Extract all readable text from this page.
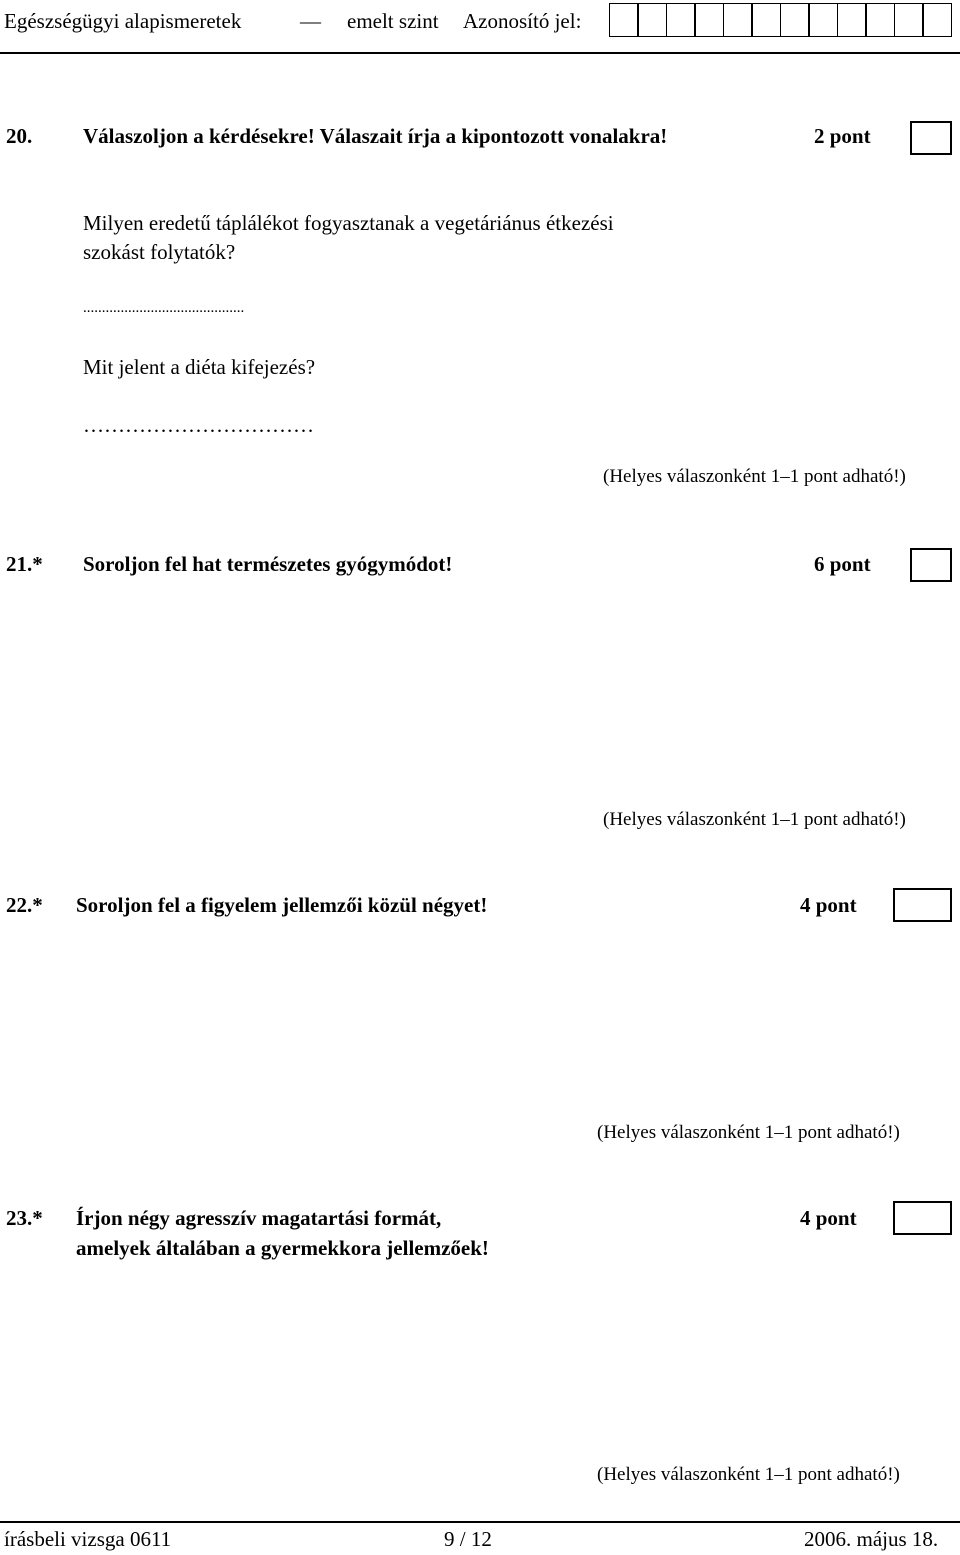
Egészségügyi alapismeretek	— emelt szint Azonosító jel:
20. Válaszoljon a kérdésekre! Válaszait írja a kipontozott vonalakra!	2 pont
Milyen eredetű táplálékot fogyasztanak a vegetáriánus étkezési
szokást folytatók?
...........................................
Mit jelent a diéta kifejezés?
……………………………
(Helyes válaszonként 1–1 pont adható!)
21.* Soroljon fel hat természetes gyógymódot!	6 pont
(Helyes válaszonként 1–1 pont adható!)
22.* Soroljon fel a figyelem jellemzői közül négyet!	4 pont
(Helyes válaszonként 1–1 pont adható!)
23.* Írjon négy agresszív magatartási formát,
amelyek általában a gyermekkora jellemzőek!
4 pont
(Helyes válaszonként 1–1 pont adható!)
írásbeli vizsga 0611	9 / 12	2006. május 18.
